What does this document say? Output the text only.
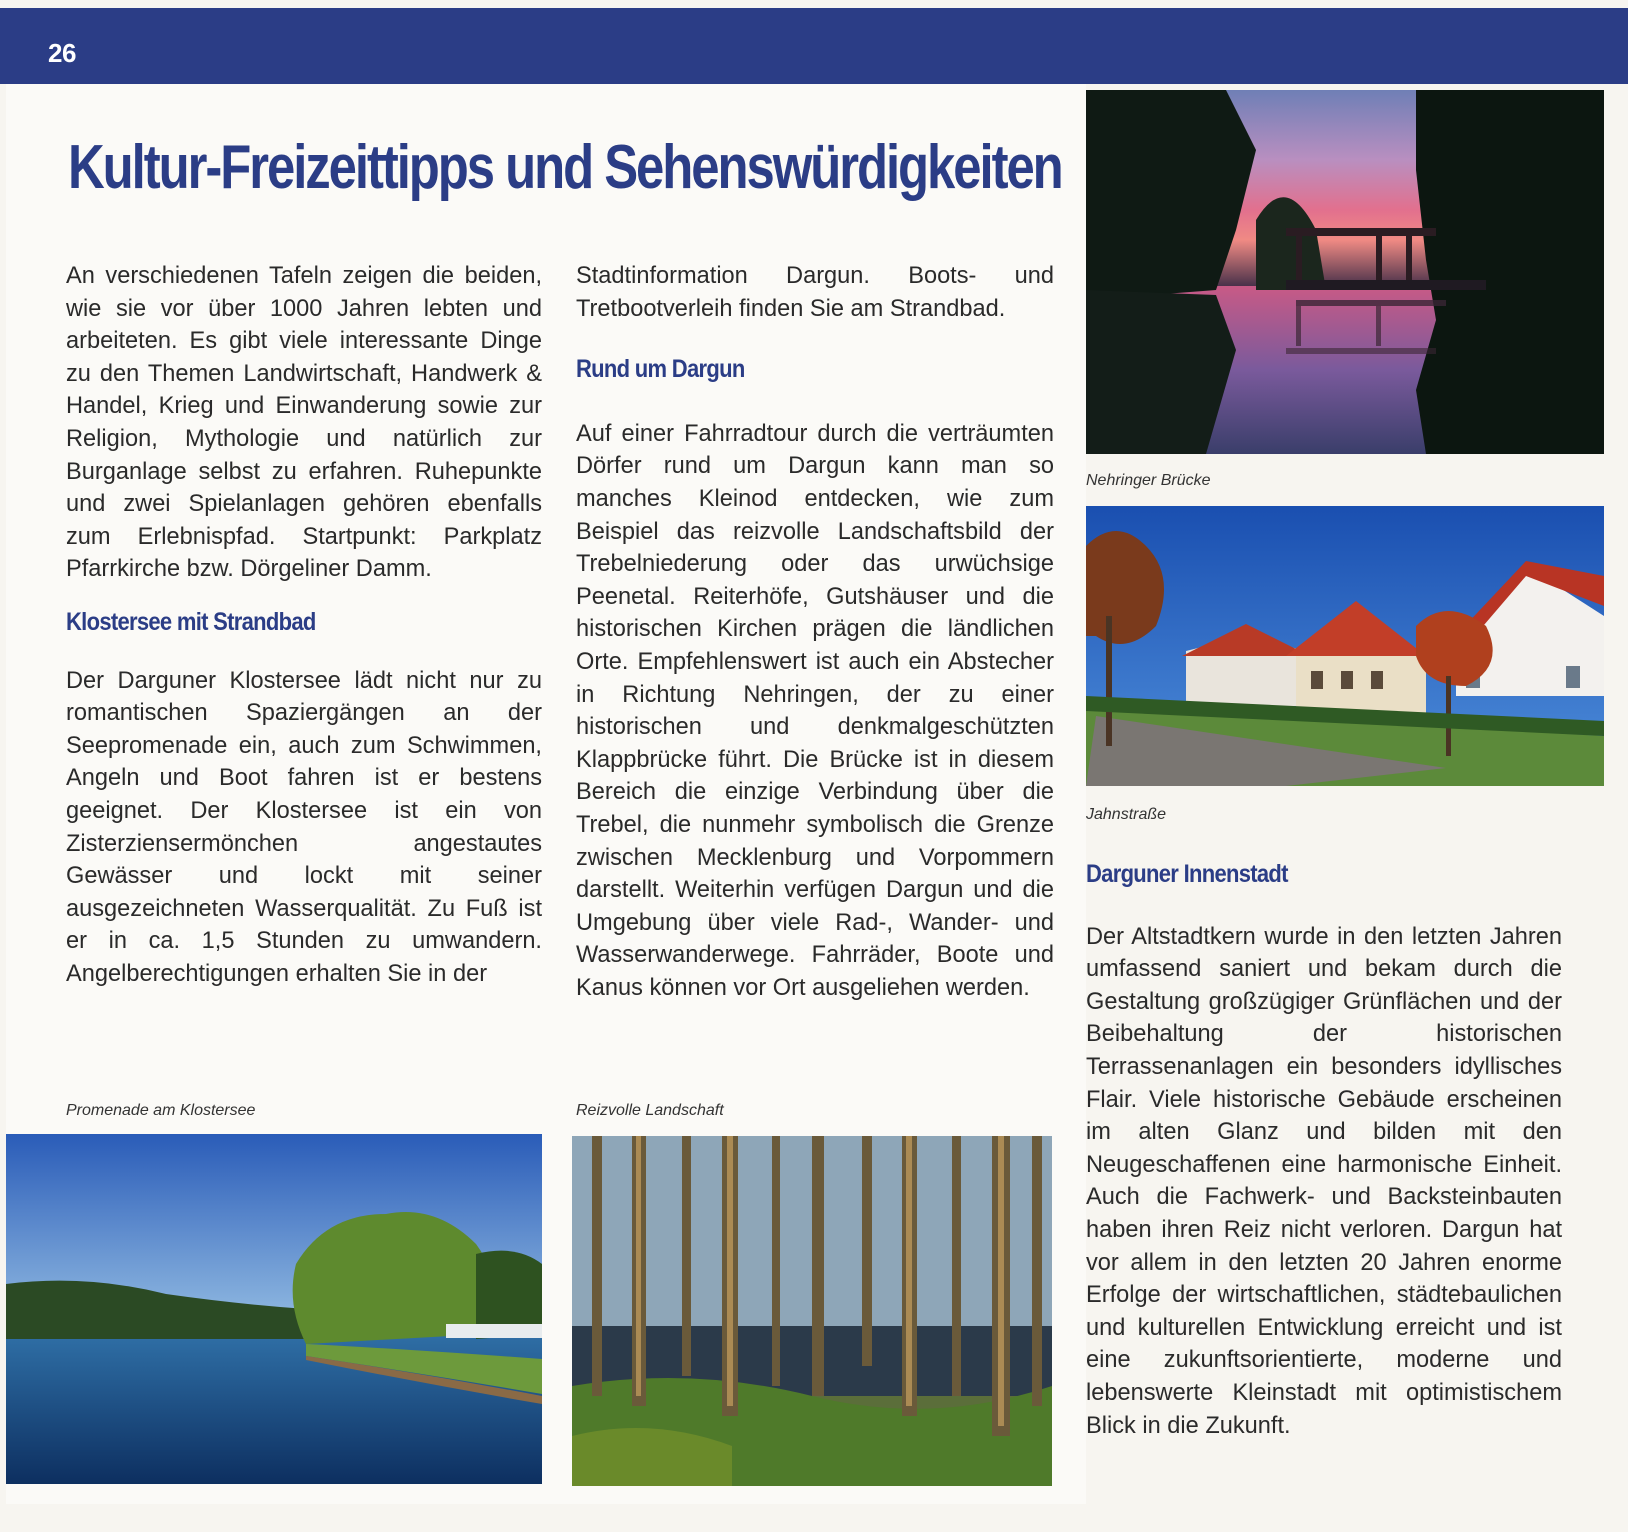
26
Kultur-Freizeittipps und Sehenswürdigkeiten

An verschiedenen Tafeln zeigen die beiden, wie sie vor über 1000 Jahren lebten und arbeiteten. Es gibt viele interessante Dinge zu den Themen Landwirtschaft, Handwerk & Handel, Krieg und Einwanderung sowie zur Religion, Mythologie und natürlich zur Burganlage selbst zu erfahren. Ruhepunkte und zwei Spielanlagen gehören ebenfalls zum Erlebnispfad. Startpunkt: Parkplatz Pfarrkirche bzw. Dörgeliner Damm.

Klostersee mit Strandbad

Der Darguner Klostersee lädt nicht nur zu romantischen Spaziergängen an der Seepromenade ein, auch zum Schwimmen, Angeln und Boot fahren ist er bestens geeignet. Der Klostersee ist ein von Zisterziensermönchen angestautes Gewässer und lockt mit seiner ausgezeichneten Wasserqualität. Zu Fuß ist er in ca. 1,5 Stunden zu umwandern. Angelberechtigungen erhalten Sie in der

Stadtinformation Dargun. Boots- und Tretbootverleih finden Sie am Strandbad.

Rund um Dargun

Auf einer Fahrradtour durch die verträumten Dörfer rund um Dargun kann man so manches Kleinod entdecken, wie zum Beispiel das reizvolle Landschaftsbild der Trebelniederung oder das urwüchsige Peenetal. Reiterhöfe, Gutshäuser und die historischen Kirchen prägen die ländlichen Orte. Empfehlenswert ist auch ein Abstecher in Richtung Nehringen, der zu einer historischen und denkmalgeschützten Klappbrücke führt. Die Brücke ist in diesem Bereich die einzige Verbindung über die Trebel, die nunmehr symbolisch die Grenze zwischen Mecklenburg und Vorpommern darstellt. Weiterhin verfügen Dargun und die Umgebung über viele Rad-, Wander- und Wasserwanderwege. Fahrräder, Boote und Kanus können vor Ort ausgeliehen werden.

Darguner Innenstadt

Der Altstadtkern wurde in den letzten Jahren umfassend saniert und bekam durch die Gestaltung großzügiger Grünflächen und der Beibehaltung der historischen Terrassenanlagen ein besonders idyllisches Flair. Viele historische Gebäude erscheinen im alten Glanz und bilden mit den Neugeschaffenen eine harmonische Einheit. Auch die Fachwerk- und Backsteinbauten haben ihren Reiz nicht verloren. Dargun hat vor allem in den letzten 20 Jahren enorme Erfolge der wirtschaftlichen, städtebaulichen und kulturellen Entwicklung erreicht und ist eine zukunftsorientierte, moderne und lebenswerte Kleinstadt mit optimistischem Blick in die Zukunft.

Nehringer Brücke
Jahnstraße
Promenade am Klostersee	Reizvolle Landschaft
